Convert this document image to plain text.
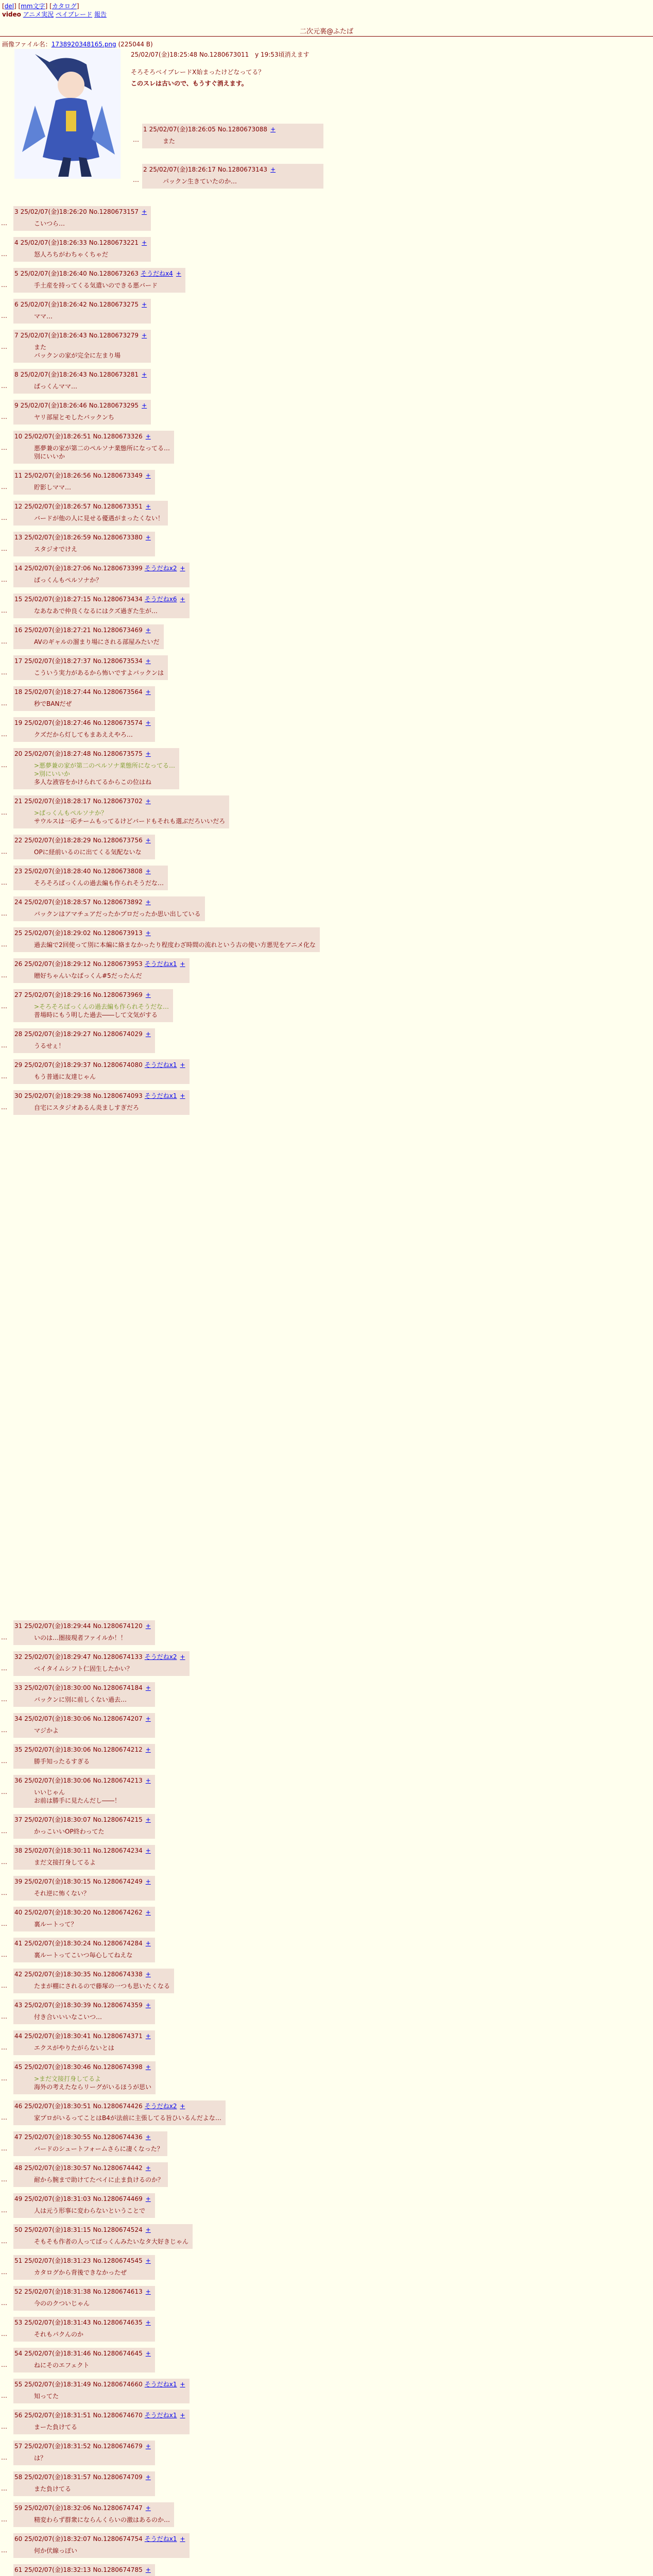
[del] [mm文字] [カタログ]
video アニメ実況 ペイブレード 報告
二次元裏@ふたば
画像ファイル名：1738920348165.png (225044 B)
25/02/07(金)18:25:48 No.1280673011 y 19:53頃消えます
そろそろベイブレードX始まったけどなってる？
このスレは古いので、もうすぐ消えます。
…
1 25/02/07(金)18:26:05 No.1280673088 +
また
…
2 25/02/07(金)18:26:17 No.1280673143 +
パックン生きていたのか…
…
3 25/02/07(金)18:26:20 No.1280673157 +
こいつら…
…
4 25/02/07(金)18:26:33 No.1280673221 +
怒人ろちがわちゃくちゃだ
…
5 25/02/07(金)18:26:40 No.1280673263 そうだねx4 +
手土産を持ってくる気遣いのできる悪バード
…
6 25/02/07(金)18:26:42 No.1280673275 +
ママ…
…
7 25/02/07(金)18:26:43 No.1280673279 +
また
バックンの家が完全に左まり場
…
8 25/02/07(金)18:26:43 No.1280673281 +
ぱっくんママ…
…
9 25/02/07(金)18:26:46 No.1280673295 +
ヤリ部屋とモしたバックンち
…
10 25/02/07(金)18:26:51 No.1280673326 +
悪夢兼の家が第二のペルソナ業態所になってる…
別にいいか
…
11 25/02/07(金)18:26:56 No.1280673349 +
貯影しママ…
…
12 25/02/07(金)18:26:57 No.1280673351 +
バードが他の人に見せる優遇がまったくない！
…
13 25/02/07(金)18:26:59 No.1280673380 +
スタジオでけえ
…
14 25/02/07(金)18:27:06 No.1280673399 そうだねx2 +
ぱっくんもペルソナか？
…
15 25/02/07(金)18:27:15 No.1280673434 そうだねx6 +
なあなあで仲良くなるにはクズ過ぎた生が…
…
16 25/02/07(金)18:27:21 No.1280673469 +
AVのギャルの溜まり場にされる部屋みたいだ
…
17 25/02/07(金)18:27:37 No.1280673534 +
こういう実力があるから怖いですよバックンは
…
18 25/02/07(金)18:27:44 No.1280673564 +
秒でBANだぜ
…
19 25/02/07(金)18:27:46 No.1280673574 +
クズだから灯してもまあええやろ…
…
20 25/02/07(金)18:27:48 No.1280673575 +
>悪夢兼の家が第二のペルソナ業態所になってる…
>別にいいか
多人な液容をかけられてるからこの位はね
…
21 25/02/07(金)18:28:17 No.1280673702 +
>ぱっくんもペルソナか？
サウルスは一応チームもってるけどバードもそれも選ぶだろいいだろ
…
22 25/02/07(金)18:28:29 No.1280673756 +
OPに経前いるのに出てくる気配ないな
…
23 25/02/07(金)18:28:40 No.1280673808 +
そろそろぱっくんの過去編も作られそうだな…
…
24 25/02/07(金)18:28:57 No.1280673892 +
バックンはアマチュアだったかプロだったか思い出している
…
25 25/02/07(金)18:29:02 No.1280673913 +
過去編で2回使って別に本編に絡まなかったり程度わざ時間の流れという古の使い方悪児をアニメ化な
…
26 25/02/07(金)18:29:12 No.1280673953 そうだねx1 +
贈好ちゃんいなぱっくん#5だったんだ
…
27 25/02/07(金)18:29:16 No.1280673969 +
>そろそろぱっくんの過去編も作られそうだな…
普場時にもう明した過去――して文気がする
…
28 25/02/07(金)18:29:27 No.1280674029 +
うるせぇ！
…
29 25/02/07(金)18:29:37 No.1280674080 そうだねx1 +
もう普通に友達じゃん
…
30 25/02/07(金)18:29:38 No.1280674093 そうだねx1 +
自宅にスタジオあるん炎ましすぎだろ
…
31 25/02/07(金)18:29:44 No.1280674120 +
いのは…圏接現者ファイルか！！
…
32 25/02/07(金)18:29:47 No.1280674133 そうだねx2 +
ベイタイムシフト仁固生したかい？
…
33 25/02/07(金)18:30:00 No.1280674184 +
バックンに別に前しくない過去…
…
34 25/02/07(金)18:30:06 No.1280674207 +
マジかよ
…
35 25/02/07(金)18:30:06 No.1280674212 +
勝手知ったるすぎる
…
36 25/02/07(金)18:30:06 No.1280674213 +
いいじゃん
お前は勝手に見たんだし――！
…
37 25/02/07(金)18:30:07 No.1280674215 +
かっこいいOP終わってた
…
38 25/02/07(金)18:30:11 No.1280674234 +
まだ文接打身してるよ
…
39 25/02/07(金)18:30:15 No.1280674249 +
それ逆に怖くない？
…
40 25/02/07(金)18:30:20 No.1280674262 +
裏ルートって？
…
41 25/02/07(金)18:30:24 No.1280674284 +
裏ルートってこいつ毎心してねえな
…
42 25/02/07(金)18:30:35 No.1280674338 +
たまが棚にされるので藤塚の一つも思いたくなる
…
43 25/02/07(金)18:30:39 No.1280674359 +
付き合いいいなこいつ…
…
44 25/02/07(金)18:30:41 No.1280674371 +
エクスがやりたがらないとは
…
45 25/02/07(金)18:30:46 No.1280674398 +
>まだ文接打身してるよ
海外の考えたならリーグがいるほうが思い
…
46 25/02/07(金)18:30:51 No.1280674426 そうだねx2 +
家プロがいるってことはB4が法前に主張してる旨ひいるんだよな…
…
47 25/02/07(金)18:30:55 No.1280674436 +
バードのシュートフォームさらに凄くなった？
…
48 25/02/07(金)18:30:57 No.1280674442 +
耐から腕まで助けてたベイに止ま負けるのか？
…
49 25/02/07(金)18:31:03 No.1280674469 +
人は元う形事に変わらないということで
…
50 25/02/07(金)18:31:15 No.1280674524 +
そもそも作者の人ってばっくんみたいなタ大好きじゃん
…
51 25/02/07(金)18:31:23 No.1280674545 +
カタログから背後できなかったぜ
…
52 25/02/07(金)18:31:38 No.1280674613 +
今ののクついじゃん
…
53 25/02/07(金)18:31:43 No.1280674635 +
それもパクんのか
…
54 25/02/07(金)18:31:46 No.1280674645 +
ねにそのエフェクト
…
55 25/02/07(金)18:31:49 No.1280674660 そうだねx1 +
知ってた
…
56 25/02/07(金)18:31:51 No.1280674670 そうだねx1 +
まーた負けてる
…
57 25/02/07(金)18:31:52 No.1280674679 +
は？
…
58 25/02/07(金)18:31:57 No.1280674709 +
また負けてる
…
59 25/02/07(金)18:32:06 No.1280674747 +
精変わらず群衆にならんくらいの激はあるのか…
…
60 25/02/07(金)18:32:07 No.1280674754 そうだねx1 +
何か伏線っぽい
61 25/02/07(金)18:32:13 No.1280674785 +
